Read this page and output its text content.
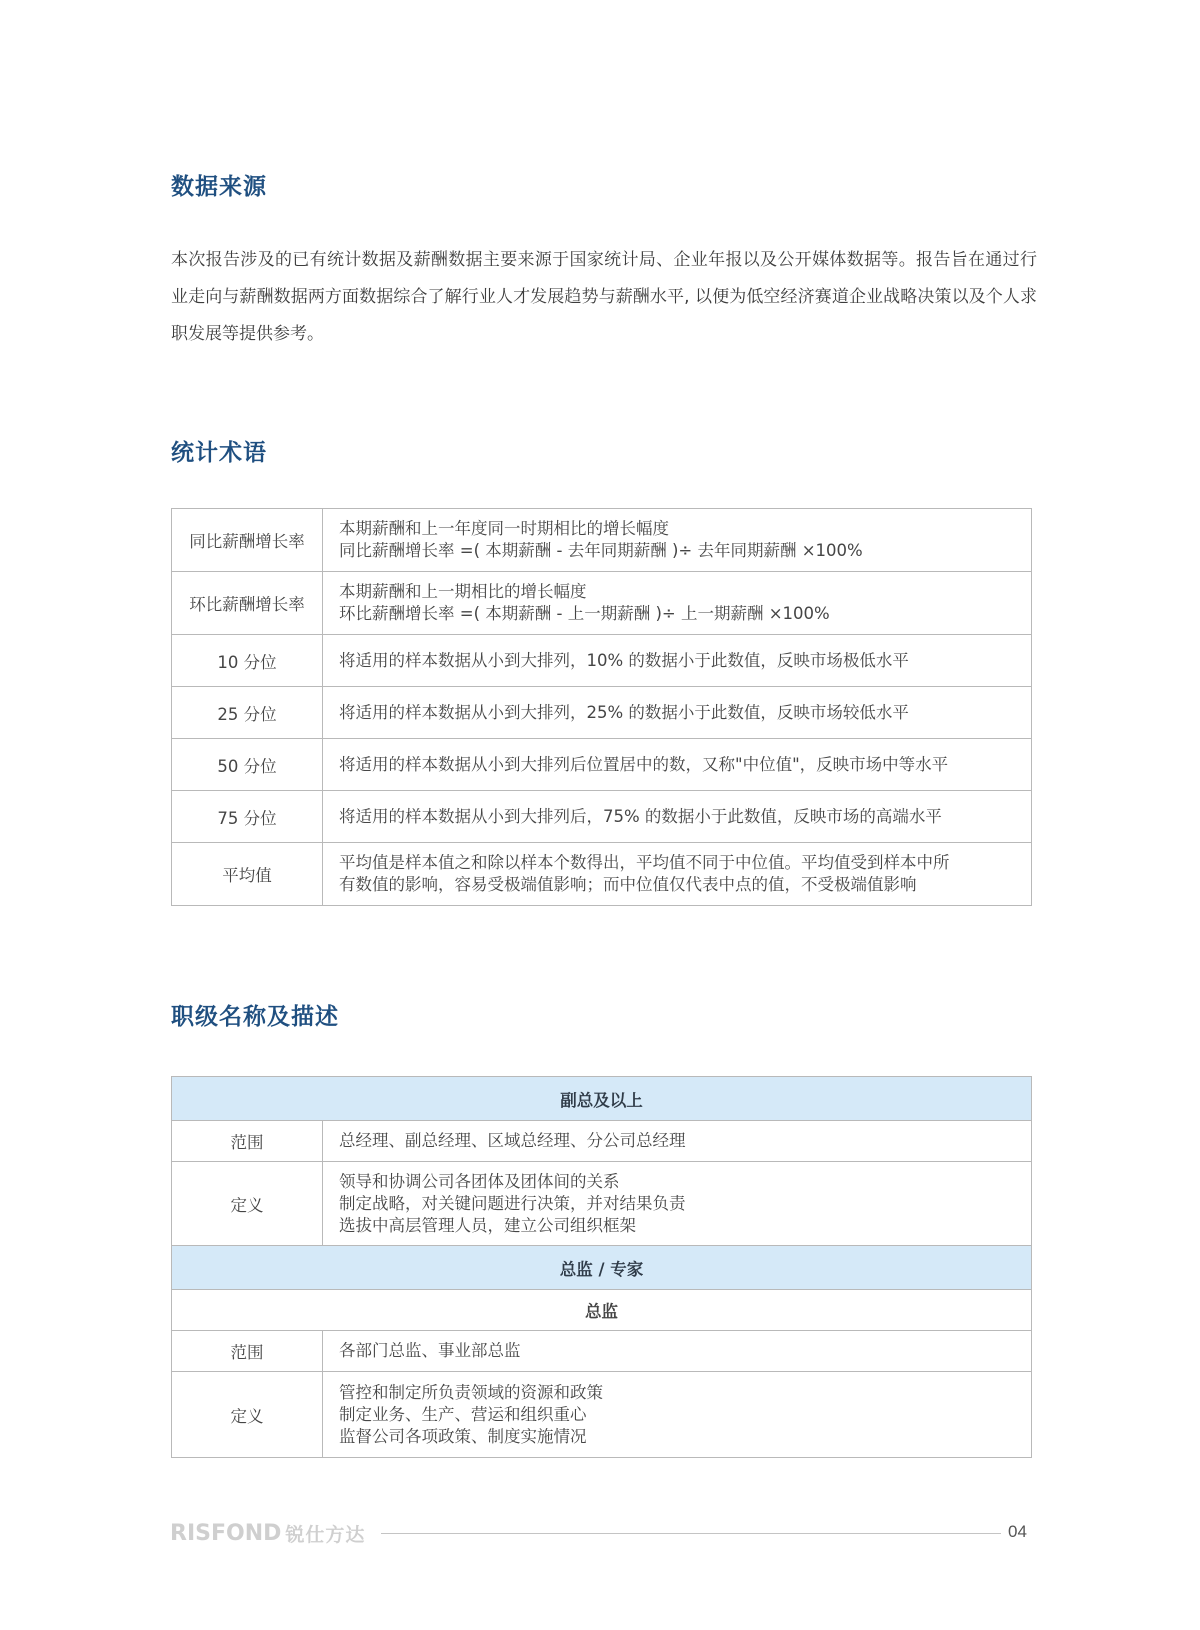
数据来源

本次报告涉及的已有统计数据及薪酬数据主要来源于国家统计局、企业年报以及公开媒体数据等。报告旨在通过行业走向与薪酬数据两方面数据综合了解行业人才发展趋势与薪酬水平, 以便为低空经济赛道企业战略决策以及个人求职发展等提供参考。

统计术语
同比薪酬增长率	本期薪酬和上一年度同一时期相比的增长幅度
同比薪酬增长率 =( 本期薪酬 - 去年同期薪酬 )÷ 去年同期薪酬 ×100%

环比薪酬增长率	本期薪酬和上一期相比的增长幅度
环比薪酬增长率 =( 本期薪酬 - 上一期薪酬 )÷ 上一期薪酬 ×100%

10 分位	将适用的样本数据从小到大排列，10% 的数据小于此数值，反映市场极低水平
25 分位	将适用的样本数据从小到大排列，25% 的数据小于此数值，反映市场较低水平
50 分位	将适用的样本数据从小到大排列后位置居中的数，又称"中位值"，反映市场中等水平
75 分位	将适用的样本数据从小到大排列后，75% 的数据小于此数值，反映市场的高端水平
平均值	平均值是样本值之和除以样本个数得出，平均值不同于中位值。平均值受到样本中所
有数值的影响，容易受极端值影响；而中位值仅代表中点的值，不受极端值影响
职级名称及描述
副总及以上	
范围	总经理、副总经理、区域总经理、分公司总经理
定义	领导和协调公司各团体及团体间的关系
制定战略，对关键问题进行决策，并对结果负责
选拔中高层管理人员，建立公司组织框架

总监 / 专家	
总监	
范围	各部门总监、事业部总监
定义	管控和制定所负责领域的资源和政策
制定业务、生产、营运和组织重心
监督公司各项政策、制度实施情况
RISFOND 锐仕方达	04
